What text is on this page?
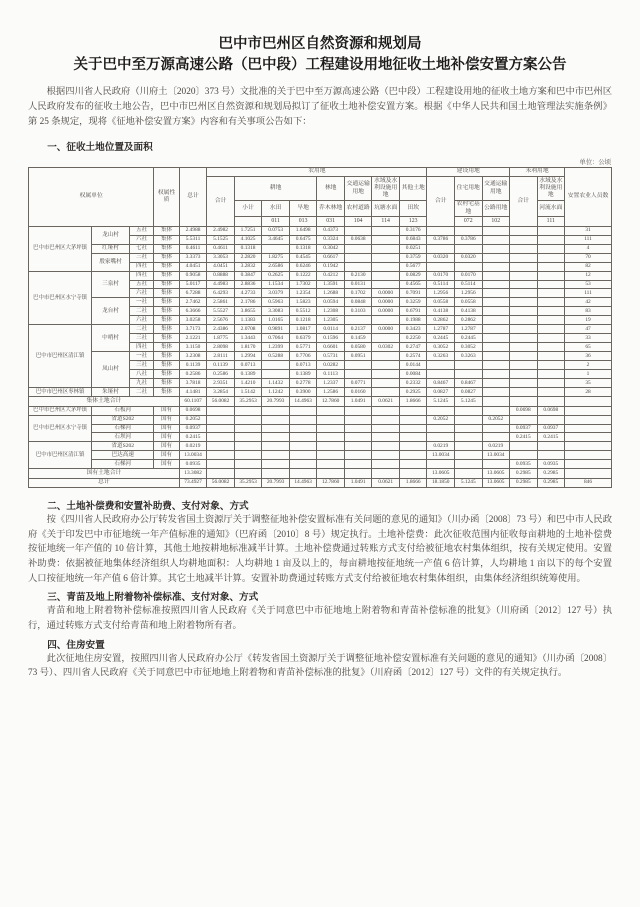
巴中市巴州区自然资源和规划局
关于巴中至万源高速公路（巴中段）工程建设用地征收土地补偿安置方案公告

根据四川省人民政府（川府土〔2020〕373 号）文批准的关于巴中至万源高速公路（巴中段）工程建设用地的征收土地方案和巴中市巴州区人民政府发布的征收土地公告，巴中市巴州区自然资源和规划局拟订了征收土地补偿安置方案。根据《中华人民共和国土地管理法实施条例》第 25 条规定，现将《征地补偿安置方案》内容和有关事项公告如下：

一、征收土地位置及面积
单位：公顷
权属单位			权属性质	总计	农用地								建设用地			未利用地		安置农业人员数
					合计	耕地			林地	交通运输用地	水域及水利设施用地	其他土地	合计	住宅用地	交通运输用地	合计	水域及水利设施用地	
						小计	水田	旱地	乔木林地	农村道路	坑塘水面	田坎		农村宅基地	公路用地		河流水面	
							011	013	031	104	114	123		072	102		111	
巴中市巴州区大茅坪镇	龙山村	五社	集体	2.4988	2.4982	1.7251	0.0753	1.6498	0.4373			0.3176						31
		六社	集体	5.5311	5.1525	4.1025	3.4645	0.6475	0.3324	0.0638		0.6843	0.3786	0.3786				111
	红垭村	七社	集体	0.4611	0.4611	0.1318		0.1318	0.3042			0.0251						4
	殷家嘴村	三社	集体	3.3373	3.3053	2.2820	1.8275	0.4545	0.6617			0.3759	0.0320	0.0320				70
		四社	集体	4.0451	4.0451	3.2832	2.6586	0.6246	0.1942			0.5677						82
巴中市巴州区水宁寺镇	三泉村	四社	集体	0.9058	0.8888	0.3847	0.2625	0.1222	0.4212	0.2130		0.0829	0.0170	0.0170				12
		五社	集体	5.0117	4.4983	2.8836	1.1534	1.7302	1.3591	0.0131		0.4565	0.5114	0.5114				53
		六社	集体	6.7288	6.4293	4.2733	3.0379	1.2354	1.2688	0.1702	0.0000	0.7091	1.2956	1.2956				111
	龙台村	一社	集体	2.7462	2.5861	2.1786	0.5963	1.5823	0.0594	0.0848	0.0000	0.3259	0.0558	0.0558				42
		二社	集体	6.3666	5.5527	3.8655	3.3083	0.5512	1.2308	0.3103	0.0000	0.6791	0.4138	0.4138				83
		六社	集体	3.0258	2.5676	1.1383	1.0165	0.1218	1.2305			0.1988	0.2862	0.2862				19
巴中市巴州区清江镇	中哨村	二社	集体	3.7173	2.4386	2.0708	0.9891	1.0817	0.0114	0.2137	0.0000	0.3423	1.2787	1.2787				47
		三社	集体	2.1221	1.8775	1.3443	0.7064	0.6379	0.1596	0.1459		0.2250	0.2445	0.2445				33
		四社	集体	3.1150	2.8098	1.8170	1.2399	0.5771	0.6601	0.0580	0.0302	0.2747	0.3052	0.3052				65
	凤山村	一社	集体	3.2308	2.8111	1.2994	0.5288	0.7706	0.5731	0.0951		0.2574	0.3263	0.3263				36
		三社	集体	0.1139	0.1139	0.0713		0.0713	0.0282			0.0144						2
		八社	集体	0.2586	0.2586	0.1389		0.1389	0.1113			0.0084						1
		九社	集体	3.7818	2.9351	1.4210	1.1432	0.2778	1.2337	0.0771		0.2332	0.8467	0.8467				35
巴中市巴州区枣林镇	朱垭村	二社	集体	4.1481	3.2854	1.5142	1.1242	0.3900	1.2586	0.0160		0.2925	0.0827	0.0827				28
集体土地合计				60.1107	56.0082	35.2953	20.7993	14.4963	12.7860	1.0491	0.0621	1.8666	5.1245	5.1245				
巴中市巴州区大茅坪镇	石板河		国有	0.0698												0.0698	0.0698	
巴中市巴州区水宁寺镇	省道S202		国有	0.2052									0.2052		0.2052			
	石梯河		国有	0.0937												0.0937	0.0937	
	石坝河		国有	0.2415												0.2415	0.2415	
巴中市巴州区清江镇	省道S202		国有	0.0219									0.0219		0.0219			
	巴达高速		国有	13.0034									13.0034		13.0034			
	石梯河		国有	0.0935												0.0935	0.0935	
国有土地合计				13.3082									13.0605		13.0605	0.2985	0.2985	
总计				73.4927	56.0082	35.2953	20.7993	14.4963	12.7860	1.0491	0.0621	1.8666	18.1850	5.1245	13.0605	0.2985	0.2985	846
二、土地补偿费和安置补助费、支付对象、方式

按《四川省人民政府办公厅转发省国土资源厅关于调整征地补偿安置标准有关问题的意见的通知》（川办函〔2008〕73 号）和巴中市人民政府《关于印发巴中市征地统一年产值标准的通知》（巴府函〔2010〕8 号）规定执行。土地补偿费：此次征收范围内征收每亩耕地的土地补偿费按征地统一年产值的 10 倍计算，其他土地按耕地标准减半计算。土地补偿费通过转账方式支付给被征地农村集体组织，按有关规定使用。安置补助费：依据被征地集体经济组织人均耕地面积：人均耕地 1 亩及以上的，每亩耕地按征地统一产值 6 倍计算，人均耕地 1 亩以下的每个安置人口按征地统一年产值 6 倍计算。其它土地减半计算。安置补助费通过转账方式支付给被征地农村集体组织，由集体经济组织统筹使用。

三、青苗及地上附着物补偿标准、支付对象、方式

青苗和地上附着物补偿标准按照四川省人民政府《关于同意巴中市征地地上附着物和青苗补偿标准的批复》（川府函〔2012〕127 号）执行，通过转账方式支付给青苗和地上附着物所有者。

四、住房安置

此次征地住房安置，按照四川省人民政府办公厅《转发省国土资源厅关于调整征地补偿安置标准有关问题的意见的通知》（川办函〔2008〕73 号）、四川省人民政府《关于同意巴中市征地地上附着物和青苗补偿标准的批复》（川府函〔2012〕127 号）文件的有关规定执行。
